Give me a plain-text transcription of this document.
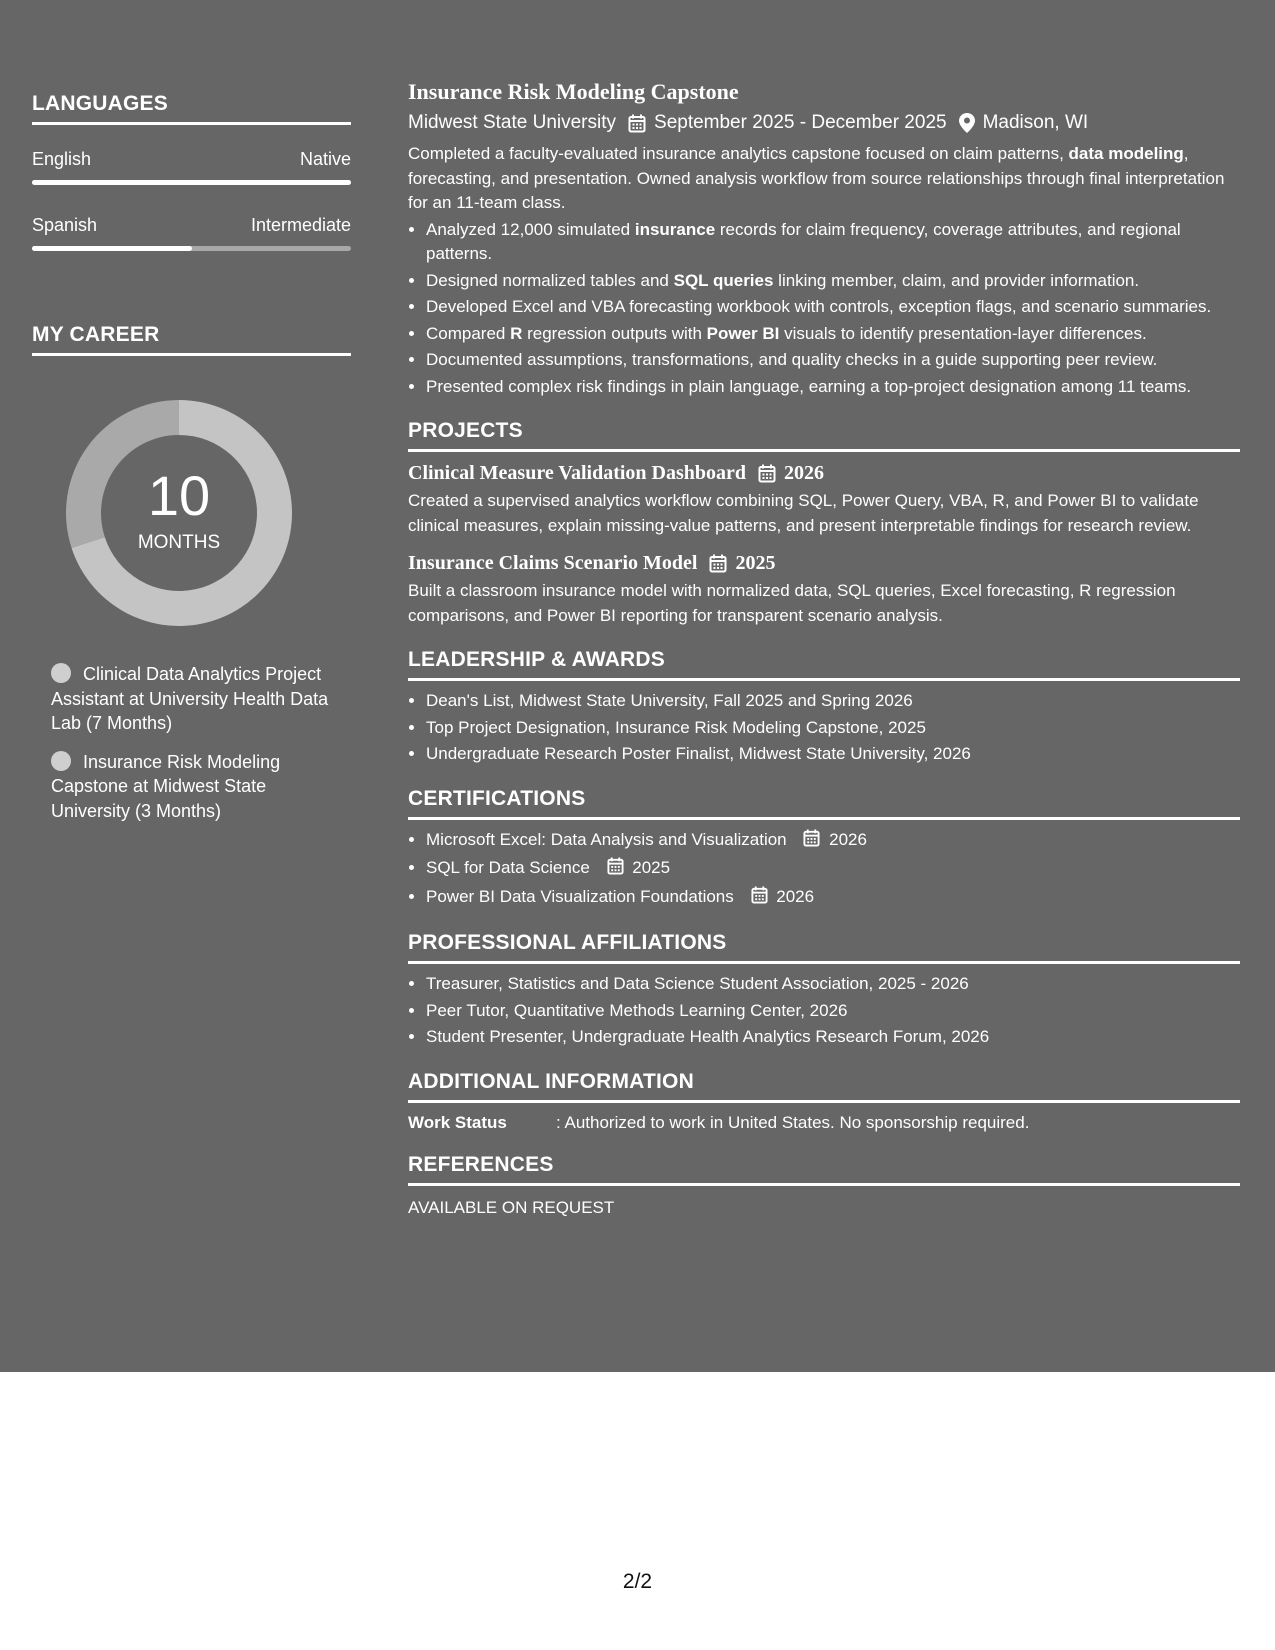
LANGUAGES
English	Native
Spanish	Intermediate
MY CAREER
10
MONTHS
Clinical Data Analytics Project Assistant at University Health Data Lab (7 Months)
Insurance Risk Modeling Capstone at Midwest State University (3 Months)
Insurance Risk Modeling Capstone
Midwest State University September 2025 - December 2025 Madison, WI
Completed a faculty-evaluated insurance analytics capstone focused on claim patterns, data modeling, forecasting, and presentation. Owned analysis workflow from source relationships through final interpretation for an 11-team class.
• Analyzed 12,000 simulated insurance records for claim frequency, coverage attributes, and regional patterns.
• Designed normalized tables and SQL queries linking member, claim, and provider information.
• Developed Excel and VBA forecasting workbook with controls, exception flags, and scenario summaries.
• Compared R regression outputs with Power BI visuals to identify presentation-layer differences.
• Documented assumptions, transformations, and quality checks in a guide supporting peer review.
• Presented complex risk findings in plain language, earning a top-project designation among 11 teams.
PROJECTS
Clinical Measure Validation Dashboard 2026
Created a supervised analytics workflow combining SQL, Power Query, VBA, R, and Power BI to validate clinical measures, explain missing-value patterns, and present interpretable findings for research review.
Insurance Claims Scenario Model 2025
Built a classroom insurance model with normalized data, SQL queries, Excel forecasting, R regression comparisons, and Power BI reporting for transparent scenario analysis.
LEADERSHIP & AWARDS
• Dean's List, Midwest State University, Fall 2025 and Spring 2026
• Top Project Designation, Insurance Risk Modeling Capstone, 2025
• Undergraduate Research Poster Finalist, Midwest State University, 2026
CERTIFICATIONS
• Microsoft Excel: Data Analysis and Visualization 2026
• SQL for Data Science 2025
• Power BI Data Visualization Foundations 2026
PROFESSIONAL AFFILIATIONS
• Treasurer, Statistics and Data Science Student Association, 2025 - 2026
• Peer Tutor, Quantitative Methods Learning Center, 2026
• Student Presenter, Undergraduate Health Analytics Research Forum, 2026
ADDITIONAL INFORMATION
Work Status	: Authorized to work in United States. No sponsorship required.
REFERENCES
AVAILABLE ON REQUEST
2/2
